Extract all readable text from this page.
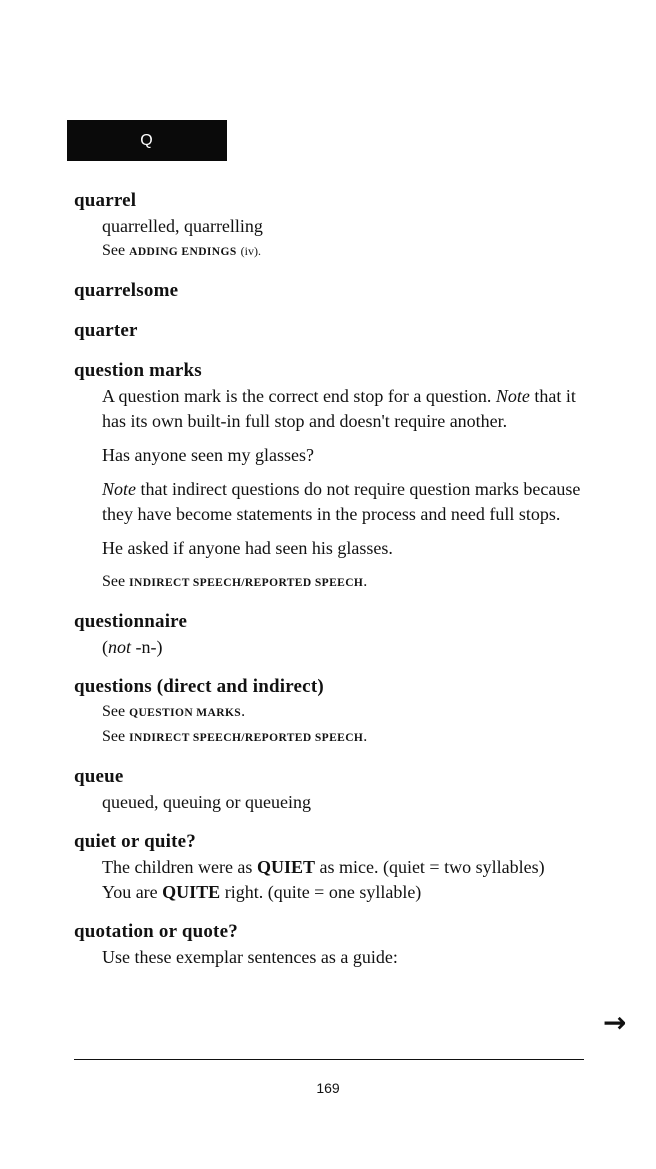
Q
quarrel
quarrelled, quarrelling
See ADDING ENDINGS (iv).
quarrelsome
quarter
question marks
A question mark is the correct end stop for a question. Note that it has its own built-in full stop and doesn't require another.
Has anyone seen my glasses?
Note that indirect questions do not require question marks because they have become statements in the process and need full stops.
He asked if anyone had seen his glasses.
See INDIRECT SPEECH/REPORTED SPEECH.
questionnaire
(not -n-)
questions (direct and indirect)
See QUESTION MARKS.
See INDIRECT SPEECH/REPORTED SPEECH.
queue
queued, queuing or queueing
quiet or quite?
The children were as QUIET as mice. (quiet = two syllables)
You are QUITE right. (quite = one syllable)
quotation or quote?
Use these exemplar sentences as a guide:
→
169
